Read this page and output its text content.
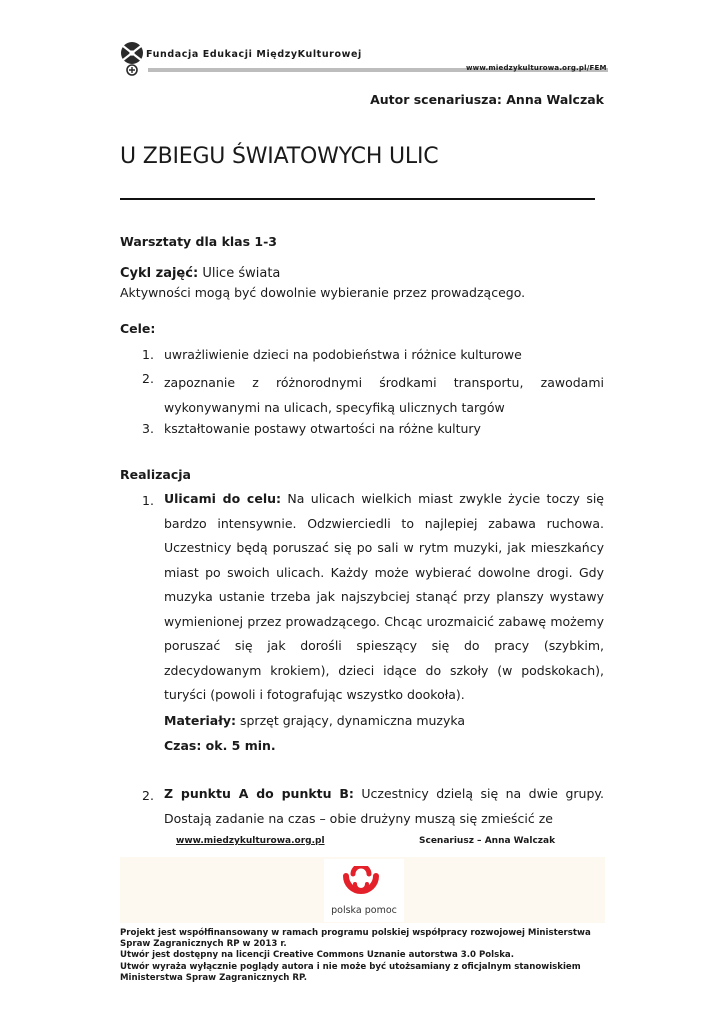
Fundacja Edukacji MiędzyKulturowej
www.miedzykulturowa.org.pl/FEM
Autor scenariusza: Anna Walczak
U ZBIEGU ŚWIATOWYCH ULIC
Warsztaty dla klas 1-3
Cykl zajęć: Ulice świata
Aktywności mogą być dowolnie wybieranie przez prowadzącego.
Cele:
1. uwrażliwienie dzieci na podobieństwa i różnice kulturowe
2. zapoznanie z różnorodnymi środkami transportu, zawodami wykonywanymi na ulicach, specyfiką ulicznych targów
3. kształtowanie postawy otwartości na różne kultury
Realizacja
1. Ulicami do celu: Na ulicach wielkich miast zwykle życie toczy się bardzo intensywnie. Odzwierciedli to najlepiej zabawa ruchowa. Uczestnicy będą poruszać się po sali w rytm muzyki, jak mieszkańcy miast po swoich ulicach. Każdy może wybierać dowolne drogi. Gdy muzyka ustanie trzeba jak najszybciej stanąć przy planszy wystawy wymienionej przez prowadzącego. Chcąc urozmaicić zabawę możemy poruszać się jak dorośli spieszący się do pracy (szybkim, zdecydowanym krokiem), dzieci idące do szkoły (w podskokach), turyści (powoli i fotografując wszystko dookoła).
Materiały: sprzęt grający, dynamiczna muzyka
Czas: ok. 5 min.
2. Z punktu A do punktu B: Uczestnicy dzielą się na dwie grupy. Dostają zadanie na czas – obie drużyny muszą się zmieścić ze
www.miedzykulturowa.org.pl	Scenariusz – Anna Walczak
polska pomoc
Projekt jest współfinansowany w ramach programu polskiej współpracy rozwojowej Ministerstwa Spraw Zagranicznych RP w 2013 r.
Utwór jest dostępny na licencji Creative Commons Uznanie autorstwa 3.0 Polska.
Utwór wyraża wyłącznie poglądy autora i nie może być utożsamiany z oficjalnym stanowiskiem Ministerstwa Spraw Zagranicznych RP.
